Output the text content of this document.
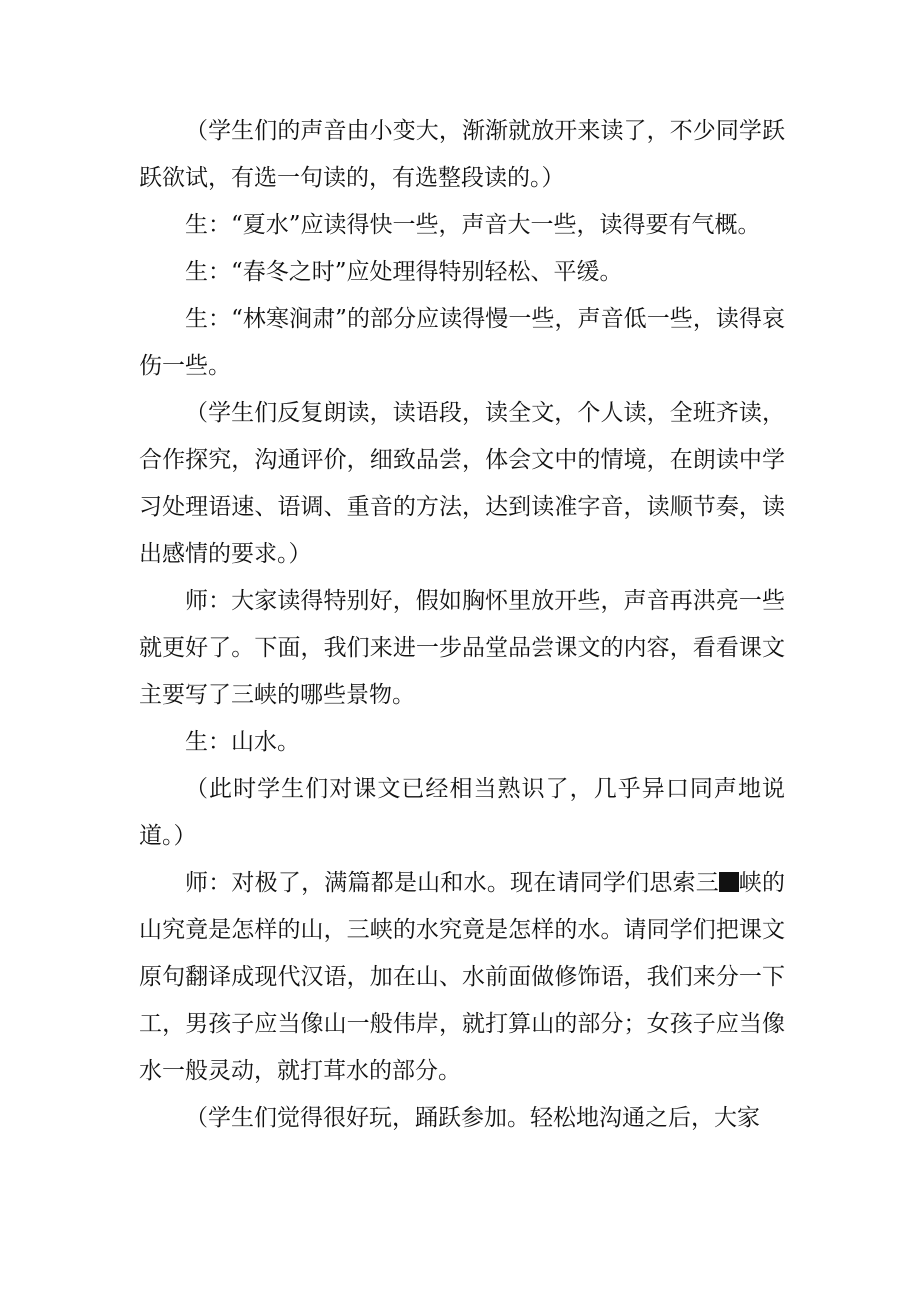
（学生们的声音由小变大，渐渐就放开来读了，不少同学跃跃欲试，有选一句读的，有选整段读的。）

生：“夏水”应读得快一些，声音大一些，读得要有气概。

生：“春冬之时”应处理得特别轻松、平缓。

生：“林寒涧肃”的部分应读得慢一些，声音低一些，读得哀伤一些。

（学生们反复朗读，读语段，读全文，个人读，全班齐读，合作探究，沟通评价，细致品尝，体会文中的情境，在朗读中学习处理语速、语调、重音的方法，达到读准字音，读顺节奏，读出感情的要求。）

师：大家读得特别好，假如胸怀里放开些，声音再洪亮一些就更好了。下面，我们来进一步品堂品尝课文的内容，看看课文主要写了三峡的哪些景物。

生：山水。

（此时学生们对课文已经相当熟识了，几乎异口同声地说道。）

师：对极了，满篇都是山和水。现在请同学们思索三 峡的山究竟是怎样的山，三峡的水究竟是怎样的水。请同学们把课文原句翻译成现代汉语，加在山、水前面做修饰语，我们来分一下工，男孩子应当像山一般伟岸，就打算山的部分；女孩子应当像水一般灵动，就打茸水的部分。

（学生们觉得很好玩，踊跃参加。轻松地沟通之后，大家
